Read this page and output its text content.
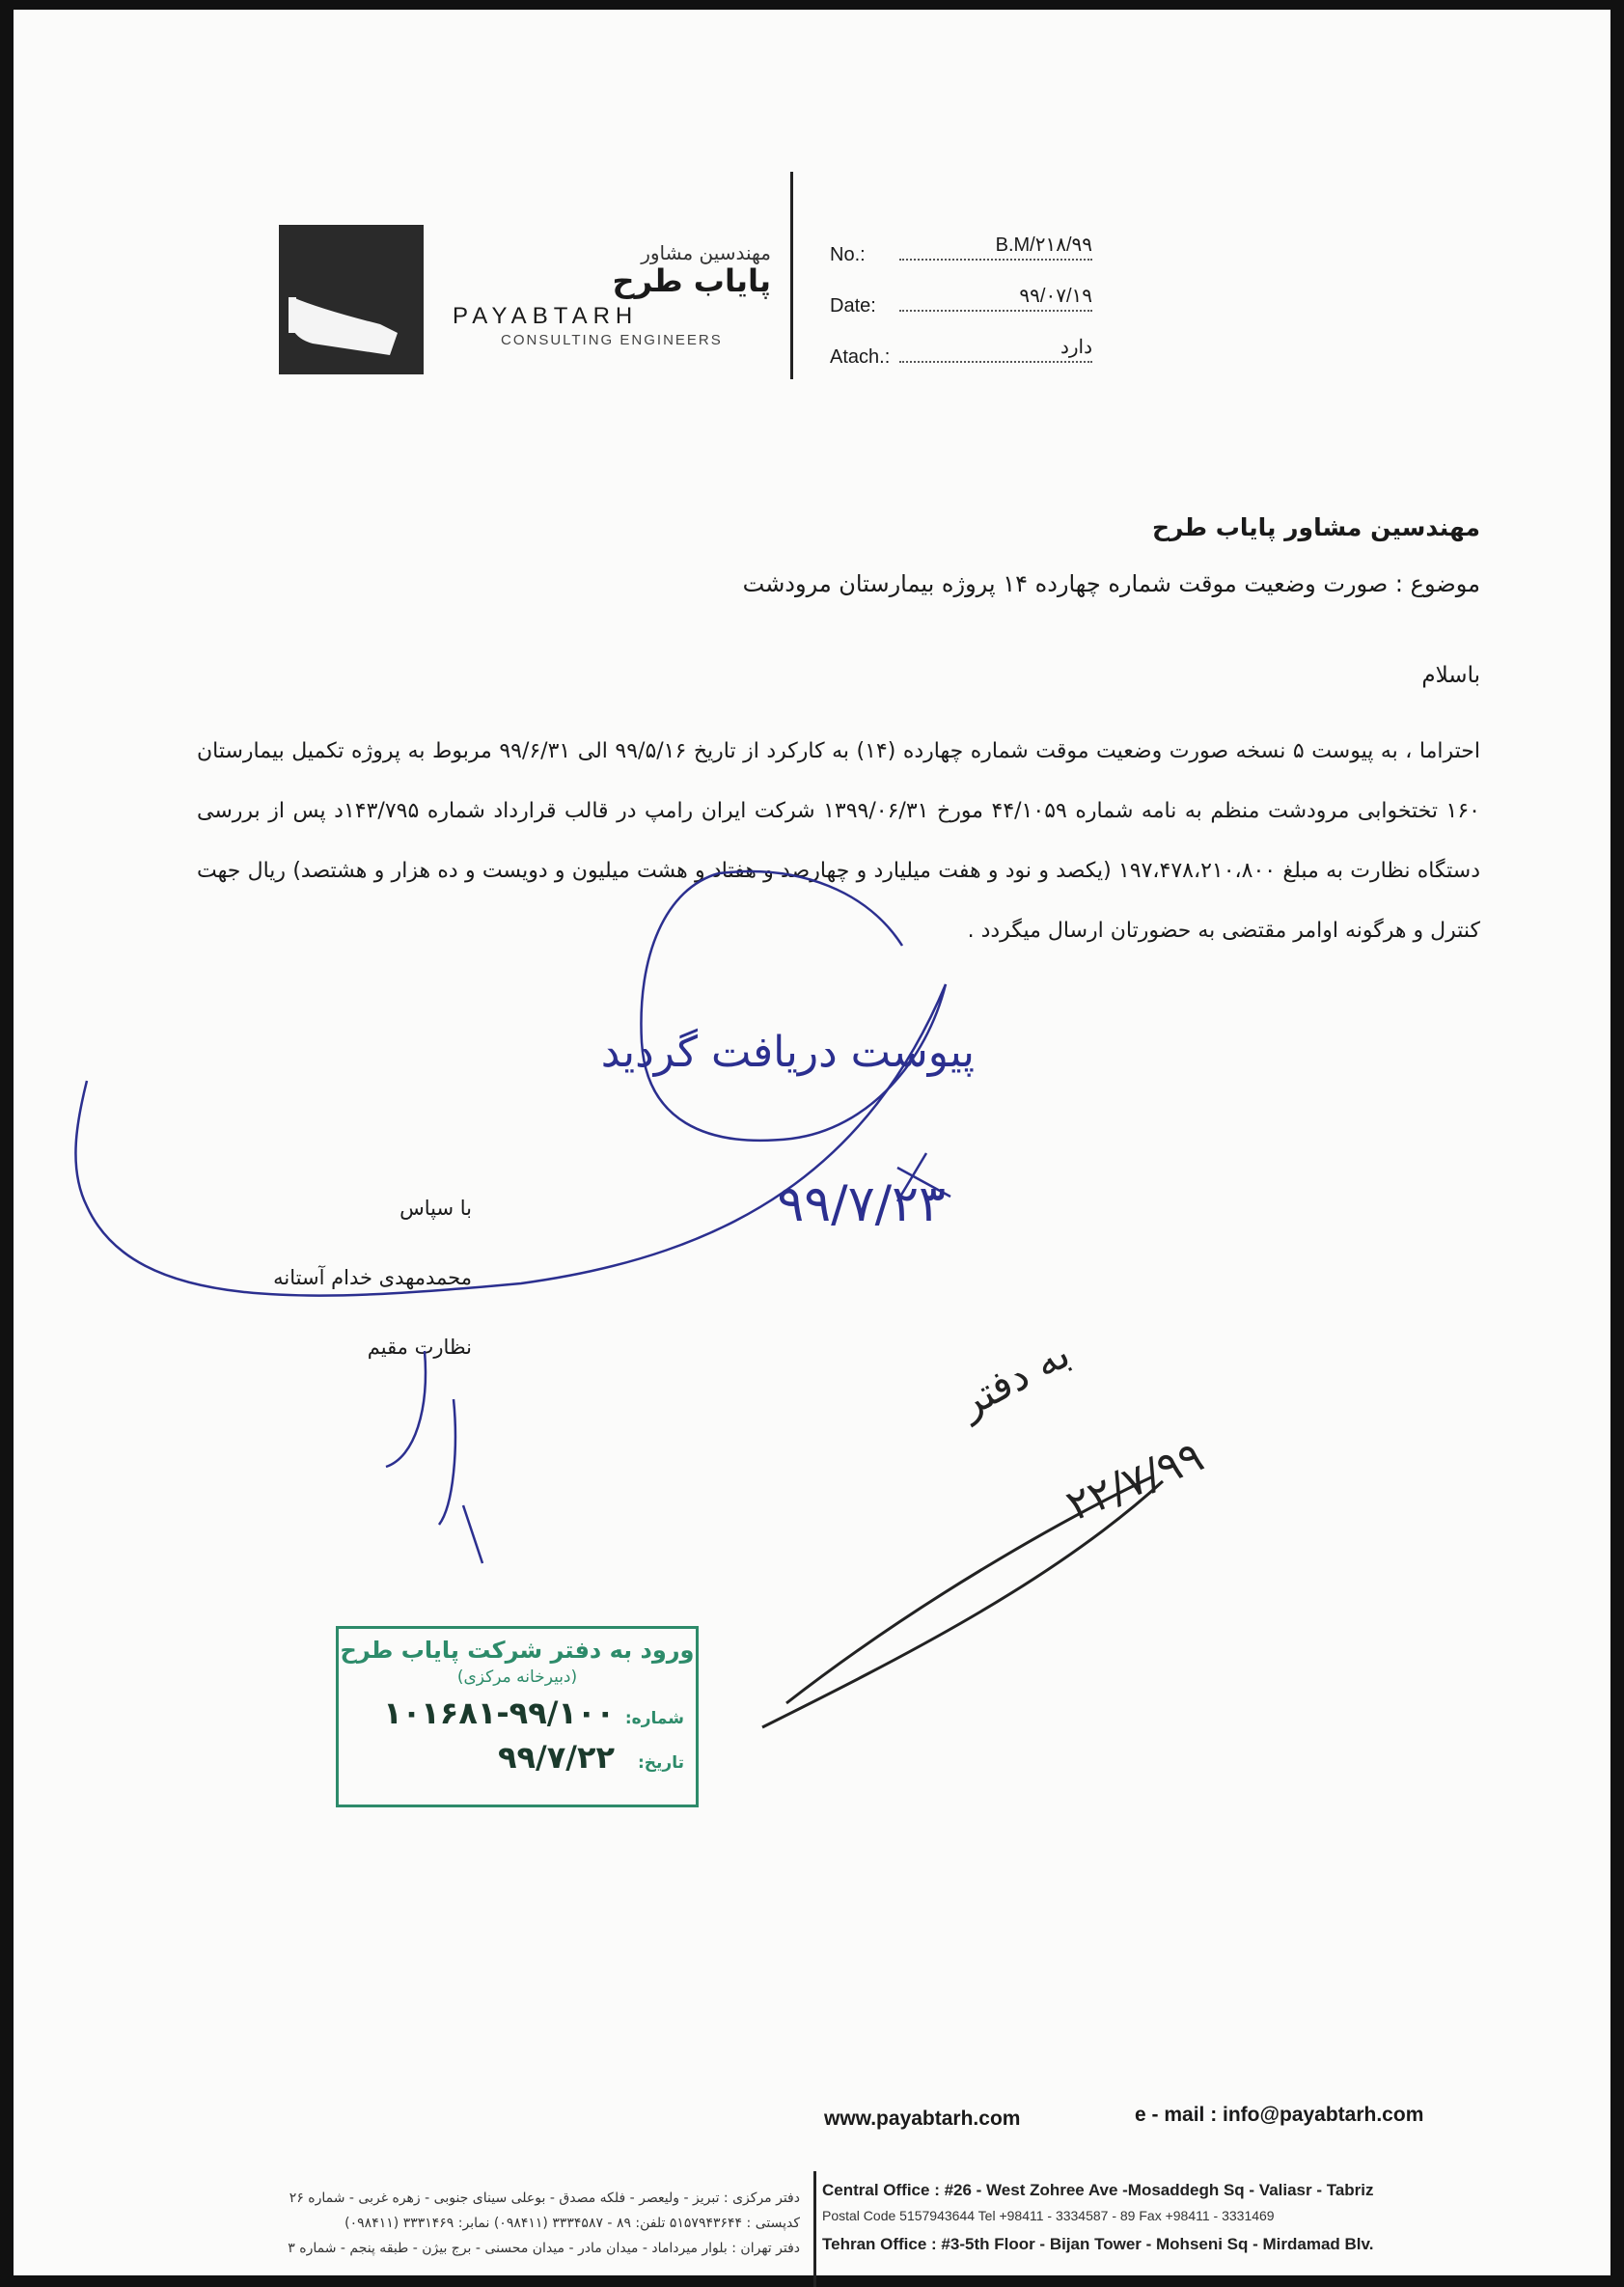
مهندسین مشاور
پایاب طرح
PAYABTARH
CONSULTING ENGINEERS
No.:	B.M/۲۱۸/۹۹
Date:	۹۹/۰۷/۱۹
Atach.:	دارد
مهندسین مشاور پایاب طرح
موضوع : صورت وضعیت موقت شماره چهارده ۱۴ پروژه بیمارستان مرودشت
باسلام
احتراما ، به پیوست ۵ نسخه صورت وضعیت موقت شماره چهارده (۱۴) به کارکرد از تاریخ ۹۹/۵/۱۶ الی ۹۹/۶/۳۱ مربوط به پروژه تکمیل بیمارستان ۱۶۰ تختخوابی مرودشت منظم به نامه شماره ۴۴/۱۰۵۹ مورخ ۱۳۹۹/۰۶/۳۱ شرکت ایران رامپ در قالب قرارداد شماره ۱۴۳/۷۹۵د پس از بررسی دستگاه نظارت به مبلغ ۱۹۷،۴۷۸،۲۱۰،۸۰۰ (یکصد و نود و هفت میلیارد و چهارصد و هفتاد و هشت میلیون و دویست و ده هزار و هشتصد) ریال جهت کنترل و هرگونه اوامر مقتضی به حضورتان ارسال میگردد .
با سپاس
محمدمهدی خدام آستانه
نظارت مقیم
ورود به دفتر شرکت پایاب طرح
(دبیرخانه مرکزی)
شماره:
۱۰۱۶۸۱-۹۹/۱۰۰
تاریخ:
۹۹/۷/۲۲
www.payabtarh.com	e - mail : info@payabtarh.com
Central Office : #26 - West Zohree Ave -Mosaddegh Sq - Valiasr - Tabriz
Postal Code 5157943644 Tel +98411 - 3334587 - 89 Fax +98411 - 3331469
Tehran Office : #3-5th Floor - Bijan Tower - Mohseni Sq - Mirdamad Blv.
دفتر مرکزی : تبریز - ولیعصر - فلکه مصدق - بوعلی سینای جنوبی - زهره غربی - شماره ۲۶
کدپستی : ۵۱۵۷۹۴۳۶۴۴ تلفن: ۸۹ - ۳۳۳۴۵۸۷ (۰۹۸۴۱۱) نمابر: ۳۳۳۱۴۶۹ (۰۹۸۴۱۱)
دفتر تهران : بلوار میرداماد - میدان مادر - میدان محسنی - برج بیژن - طبقه پنجم - شماره ۳
پیوست دریافت گردید
۹۹/۷/۲۳
به دفتر
۲۲/۷/۹۹
